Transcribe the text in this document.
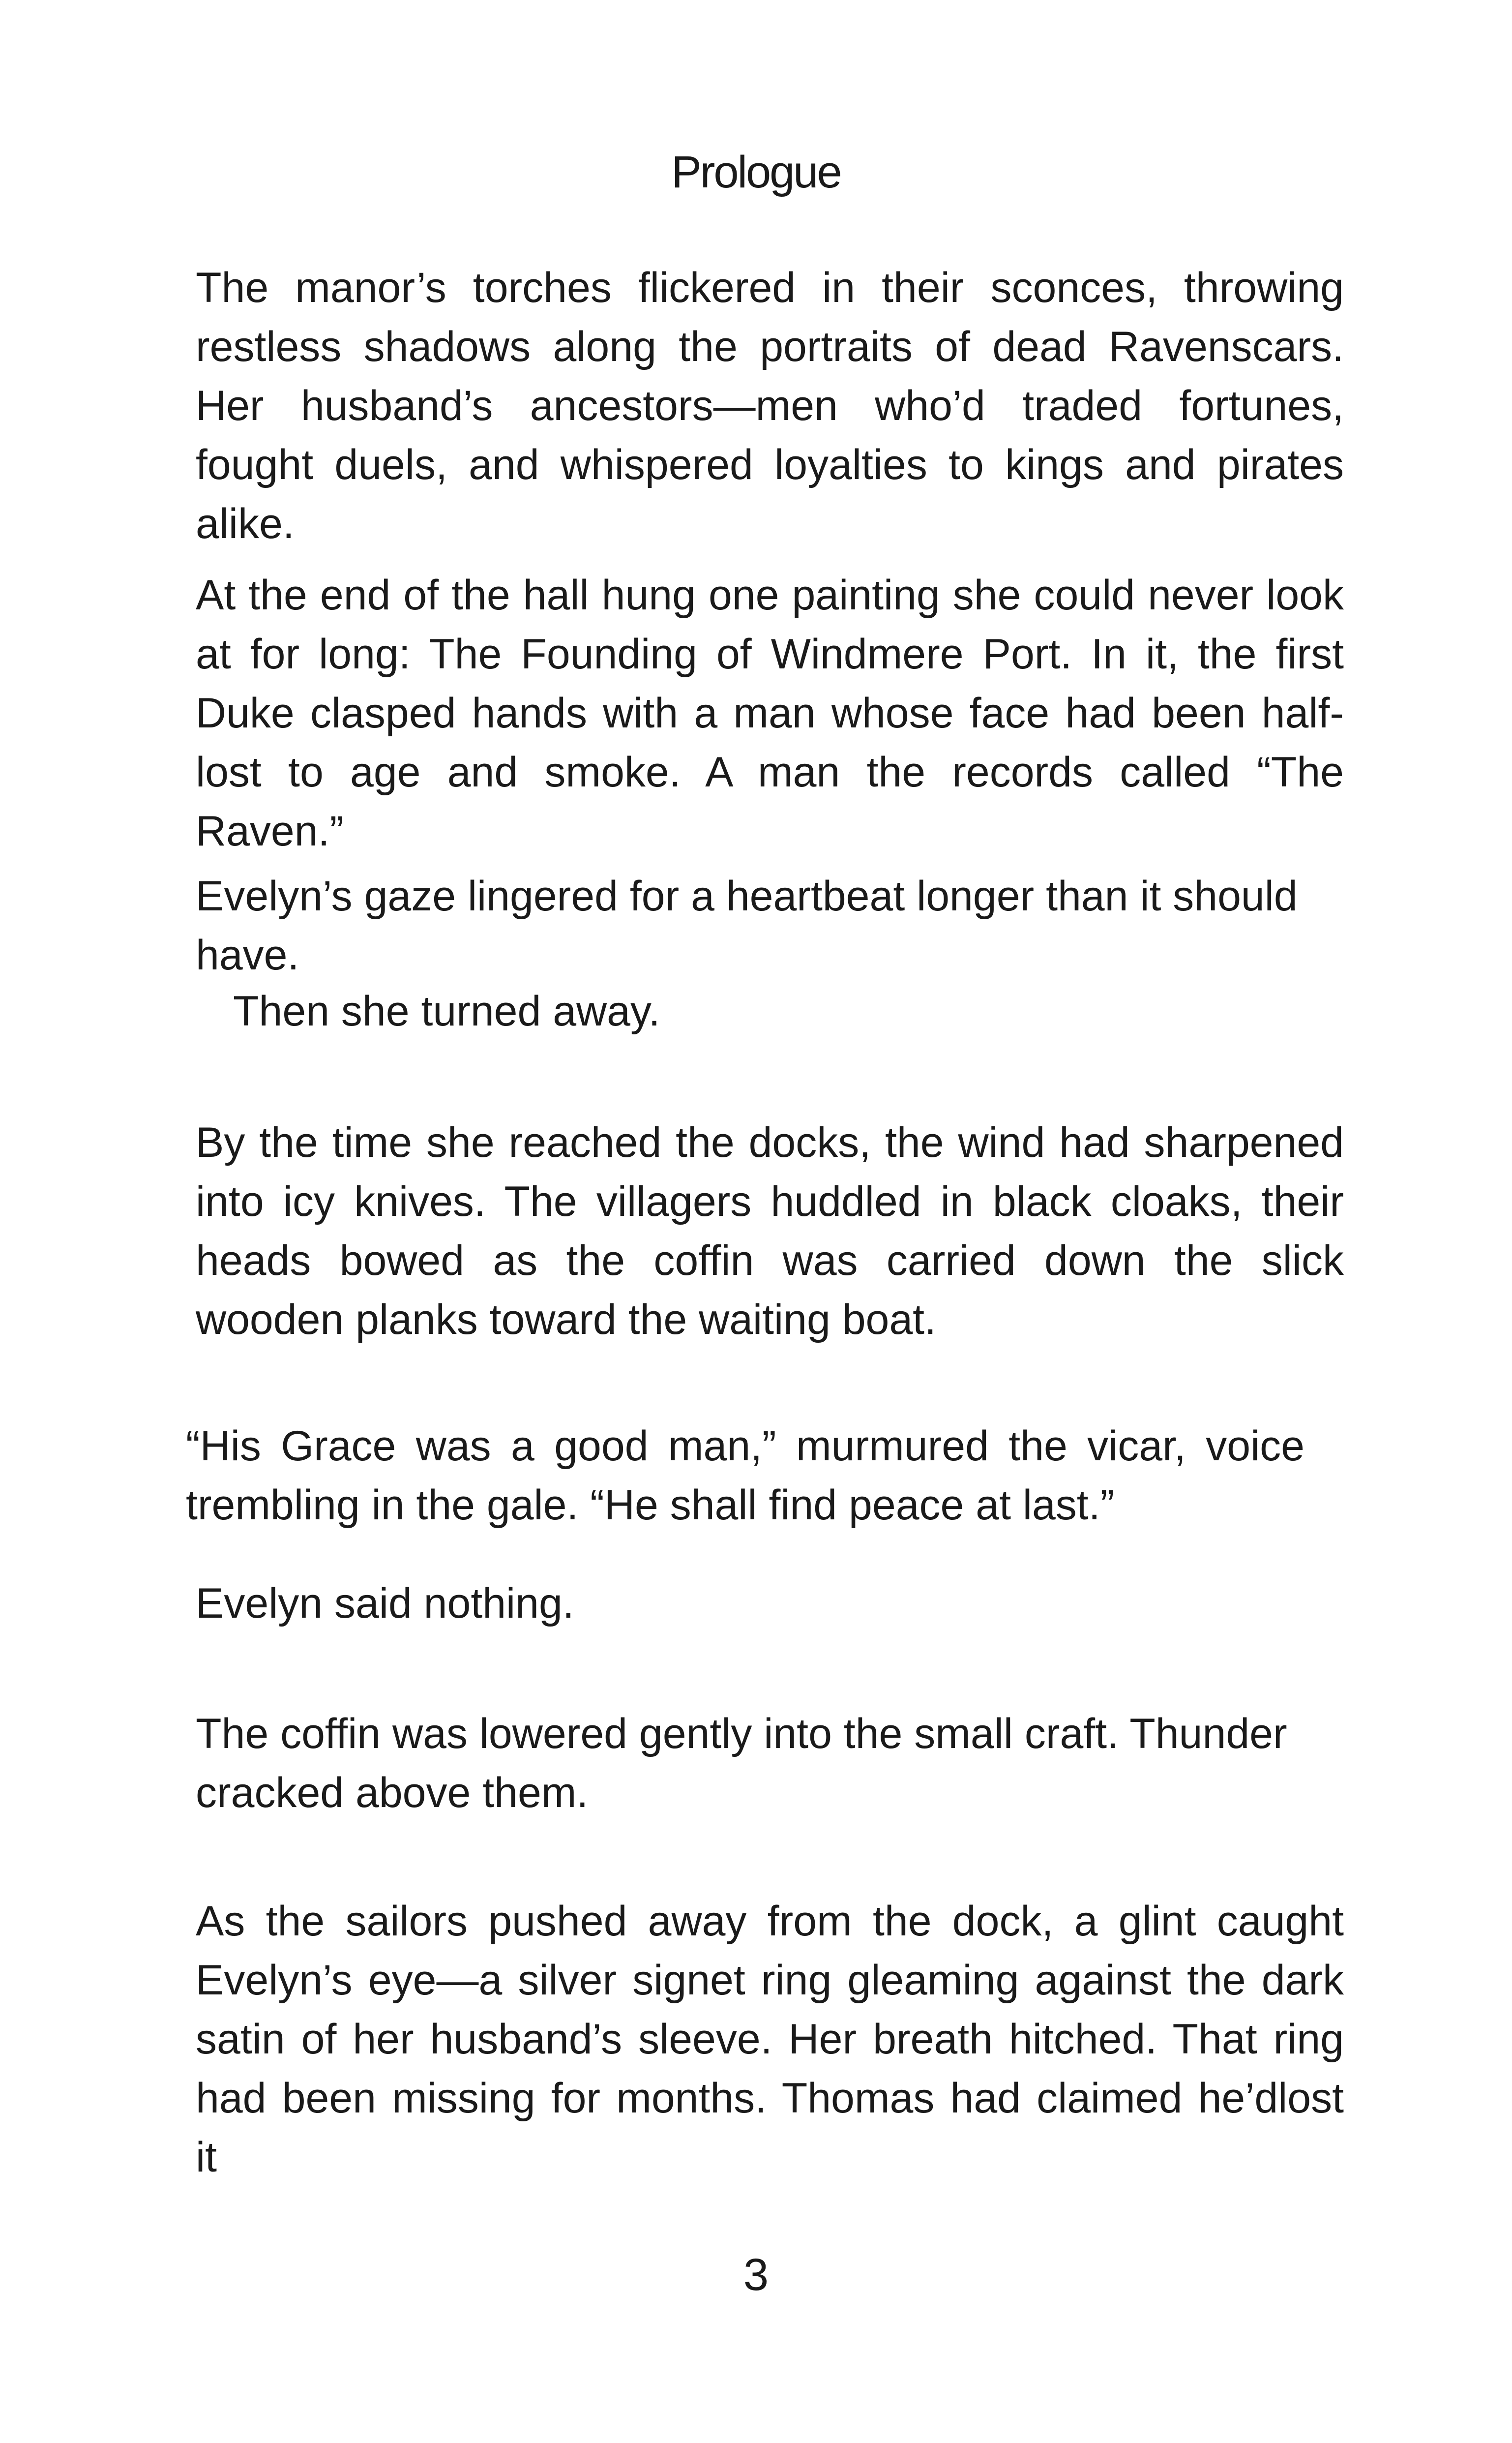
Prologue

The manor’s torches flickered in their sconces, throwing restless shadows along the portraits of dead Ravenscars. Her husband’s ancestors—men who’d traded fortunes, fought duels, and whispered loyalties to kings and pirates alike.

At the end of the hall hung one painting she could never look at for long: The Founding of Windmere Port. In it, the first Duke clasped hands with a man whose face had been half-lost to age and smoke. A man the records called “The Raven.”

Evelyn’s gaze lingered for a heartbeat longer than it should have.

Then she turned away.

By the time she reached the docks, the wind had sharpened into icy knives. The villagers huddled in black cloaks, their heads bowed as the coffin was carried down the slick wooden planks toward the waiting boat.

“His Grace was a good man,” murmured the vicar, voice trembling in the gale. “He shall find peace at last.”

Evelyn said nothing.

The coffin was lowered gently into the small craft. Thunder cracked above them.

As the sailors pushed away from the dock, a glint caught Evelyn’s eye—a silver signet ring gleaming against the dark satin of her husband’s sleeve. Her breath hitched. That ring had been missing for months. Thomas had claimed he’dlost it

3
